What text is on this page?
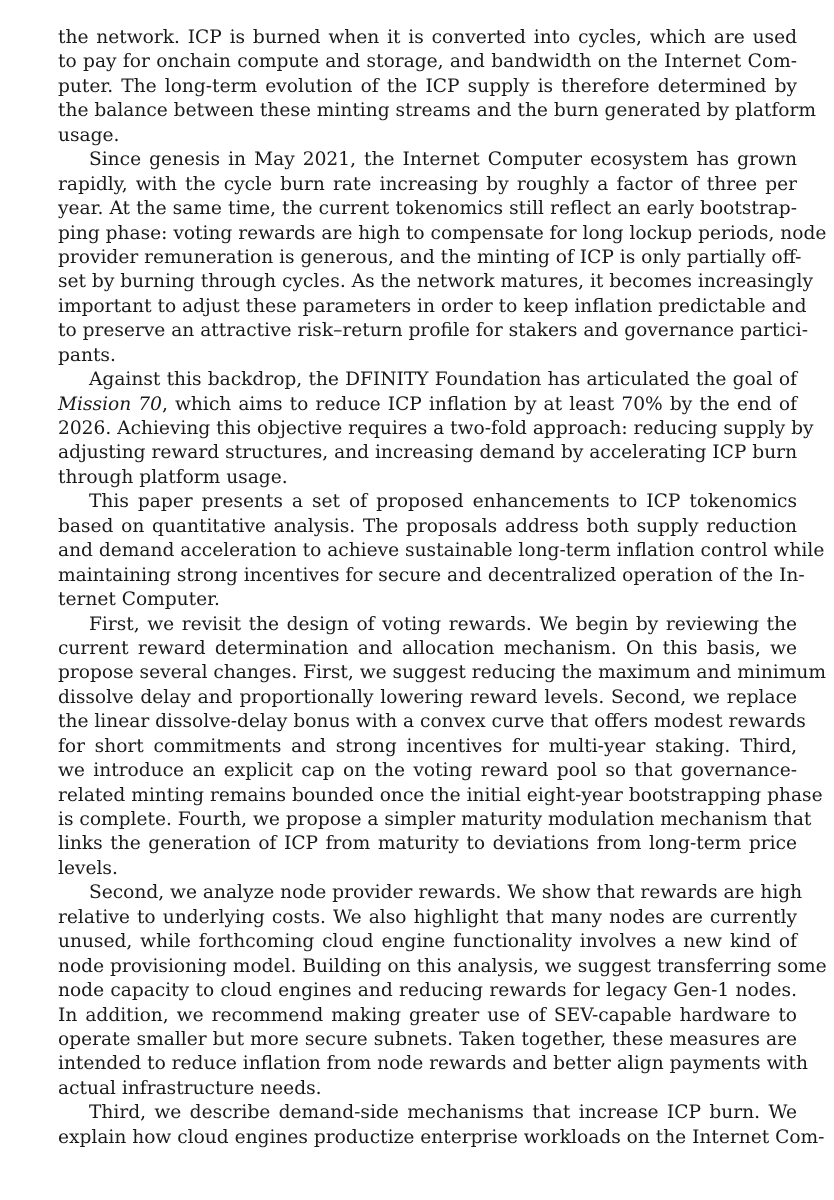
the network. ICP is burned when it is converted into cycles, which are used
to pay for onchain compute and storage, and bandwidth on the Internet Com-
puter. The long-term evolution of the ICP supply is therefore determined by
the balance between these minting streams and the burn generated by platform
usage.
Since genesis in May 2021, the Internet Computer ecosystem has grown
rapidly, with the cycle burn rate increasing by roughly a factor of three per
year. At the same time, the current tokenomics still reflect an early bootstrap-
ping phase: voting rewards are high to compensate for long lockup periods, node
provider remuneration is generous, and the minting of ICP is only partially off-
set by burning through cycles. As the network matures, it becomes increasingly
important to adjust these parameters in order to keep inflation predictable and
to preserve an attractive risk–return profile for stakers and governance partici-
pants.
Against this backdrop, the DFINITY Foundation has articulated the goal of
Mission 70, which aims to reduce ICP inflation by at least 70% by the end of
2026. Achieving this objective requires a two-fold approach: reducing supply by
adjusting reward structures, and increasing demand by accelerating ICP burn
through platform usage.
This paper presents a set of proposed enhancements to ICP tokenomics
based on quantitative analysis. The proposals address both supply reduction
and demand acceleration to achieve sustainable long-term inflation control while
maintaining strong incentives for secure and decentralized operation of the In-
ternet Computer.
First, we revisit the design of voting rewards. We begin by reviewing the
current reward determination and allocation mechanism. On this basis, we
propose several changes. First, we suggest reducing the maximum and minimum
dissolve delay and proportionally lowering reward levels. Second, we replace
the linear dissolve-delay bonus with a convex curve that offers modest rewards
for short commitments and strong incentives for multi-year staking. Third,
we introduce an explicit cap on the voting reward pool so that governance-
related minting remains bounded once the initial eight-year bootstrapping phase
is complete. Fourth, we propose a simpler maturity modulation mechanism that
links the generation of ICP from maturity to deviations from long-term price
levels.
Second, we analyze node provider rewards. We show that rewards are high
relative to underlying costs. We also highlight that many nodes are currently
unused, while forthcoming cloud engine functionality involves a new kind of
node provisioning model. Building on this analysis, we suggest transferring some
node capacity to cloud engines and reducing rewards for legacy Gen-1 nodes.
In addition, we recommend making greater use of SEV-capable hardware to
operate smaller but more secure subnets. Taken together, these measures are
intended to reduce inflation from node rewards and better align payments with
actual infrastructure needs.
Third, we describe demand-side mechanisms that increase ICP burn. We
explain how cloud engines productize enterprise workloads on the Internet Com-
